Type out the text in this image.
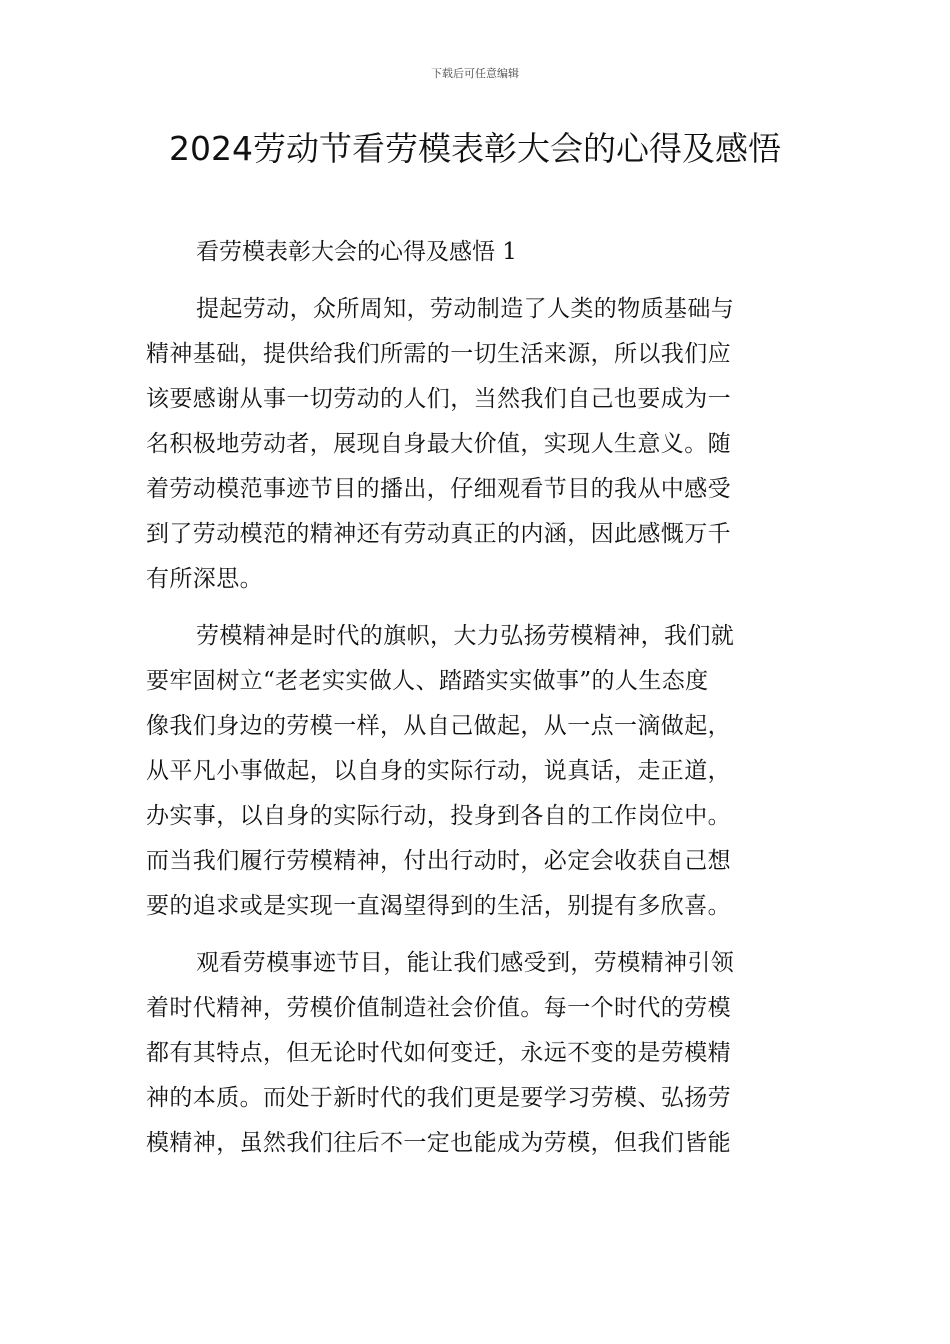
下载后可任意编辑
2024劳动节看劳模表彰大会的心得及感悟
看劳模表彰大会的心得及感悟 1
提起劳动，众所周知，劳动制造了人类的物质基础与
精神基础，提供给我们所需的一切生活来源，所以我们应
该要感谢从事一切劳动的人们，当然我们自己也要成为一
名积极地劳动者，展现自身最大价值，实现人生意义。随
着劳动模范事迹节目的播出，仔细观看节目的我从中感受
到了劳动模范的精神还有劳动真正的内涵，因此感慨万千
有所深思。
劳模精神是时代的旗帜，大力弘扬劳模精神，我们就
要牢固树立“老老实实做人、踏踏实实做事”的人生态度
像我们身边的劳模一样，从自己做起，从一点一滴做起，
从平凡小事做起，以自身的实际行动，说真话，走正道，
办实事，以自身的实际行动，投身到各自的工作岗位中。
而当我们履行劳模精神，付出行动时，必定会收获自己想
要的追求或是实现一直渴望得到的生活，别提有多欣喜。
观看劳模事迹节目，能让我们感受到，劳模精神引领
着时代精神，劳模价值制造社会价值。每一个时代的劳模
都有其特点，但无论时代如何变迁，永远不变的是劳模精
神的本质。而处于新时代的我们更是要学习劳模、弘扬劳
模精神，虽然我们往后不一定也能成为劳模，但我们皆能
